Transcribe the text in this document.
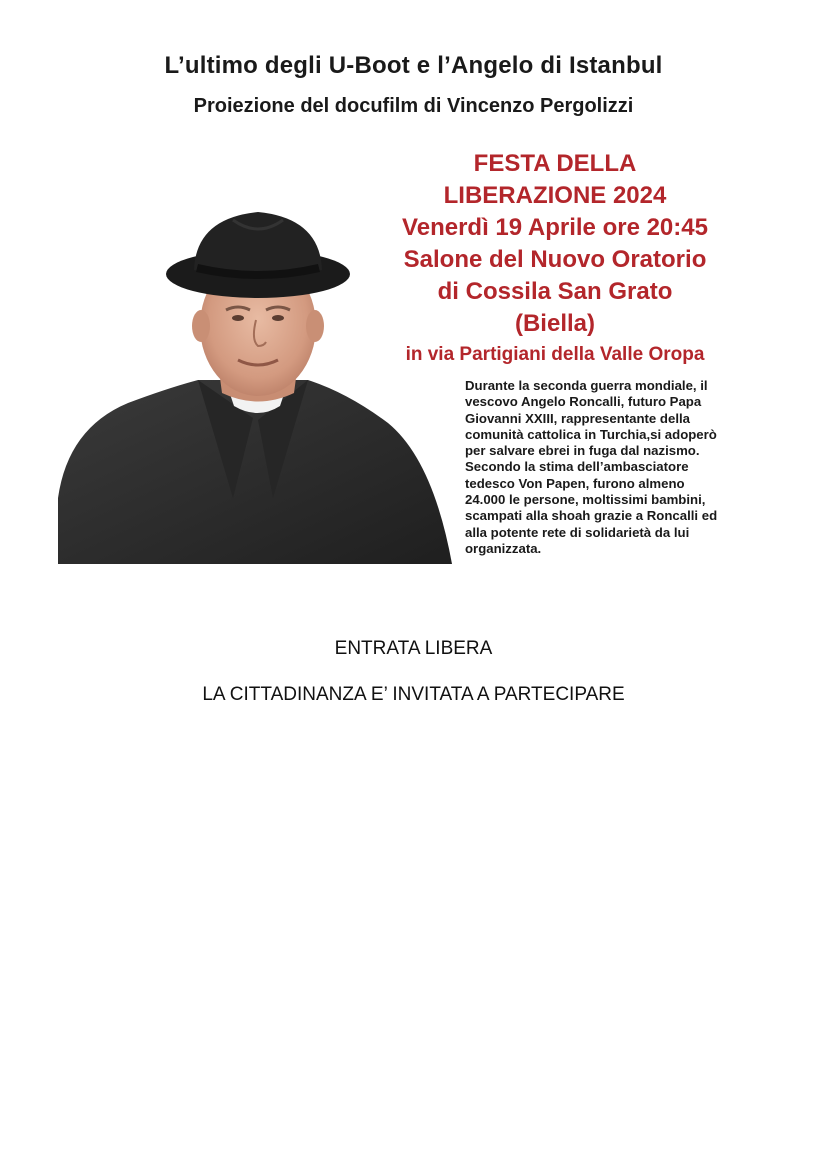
L’ultimo degli U-Boot e l’Angelo di Istanbul
Proiezione del docufilm di Vincenzo Pergolizzi
FESTA DELLA
LIBERAZIONE 2024
Venerdì 19 Aprile ore 20:45
Salone del Nuovo Oratorio
di Cossila San Grato
(Biella)
in via Partigiani della Valle Oropa
Durante la seconda guerra mondiale, il
vescovo Angelo Roncalli, futuro Papa
Giovanni XXIII, rappresentante della
comunità cattolica in Turchia,si adoperò
per salvare ebrei in fuga dal nazismo.
Secondo la stima dell’ambasciatore
tedesco Von Papen, furono almeno
24.000 le persone, moltissimi bambini,
scampati alla shoah grazie a Roncalli ed
alla potente rete di solidarietà da lui
organizzata.
ENTRATA LIBERA
LA CITTADINANZA E’ INVITATA A PARTECIPARE
